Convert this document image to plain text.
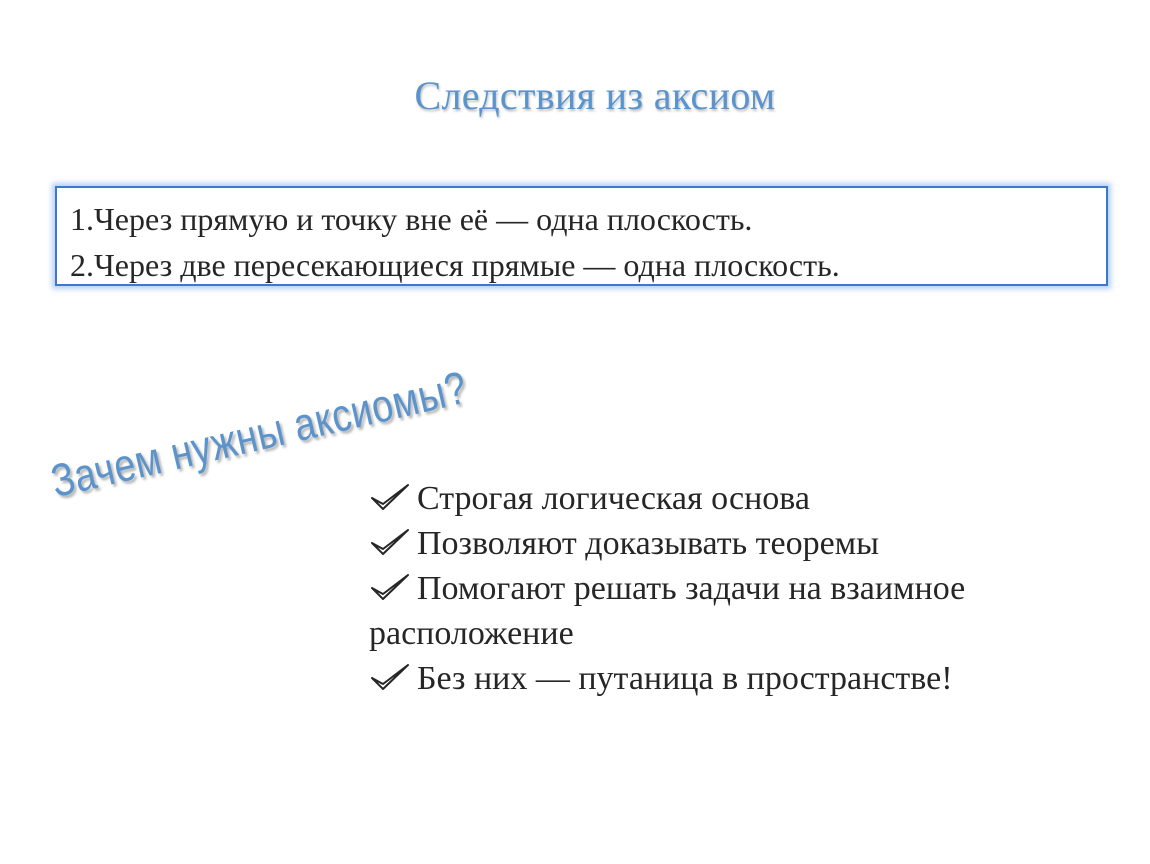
Следствия из аксиом
1.Через прямую и точку вне её — одна плоскость.
2.Через две пересекающиеся прямые — одна плоскость.
Зачем нужны аксиомы?
Строгая логическая основа
Позволяют доказывать теоремы
Помогают решать задачи на взаимное расположение
Без них — путаница в пространстве!
